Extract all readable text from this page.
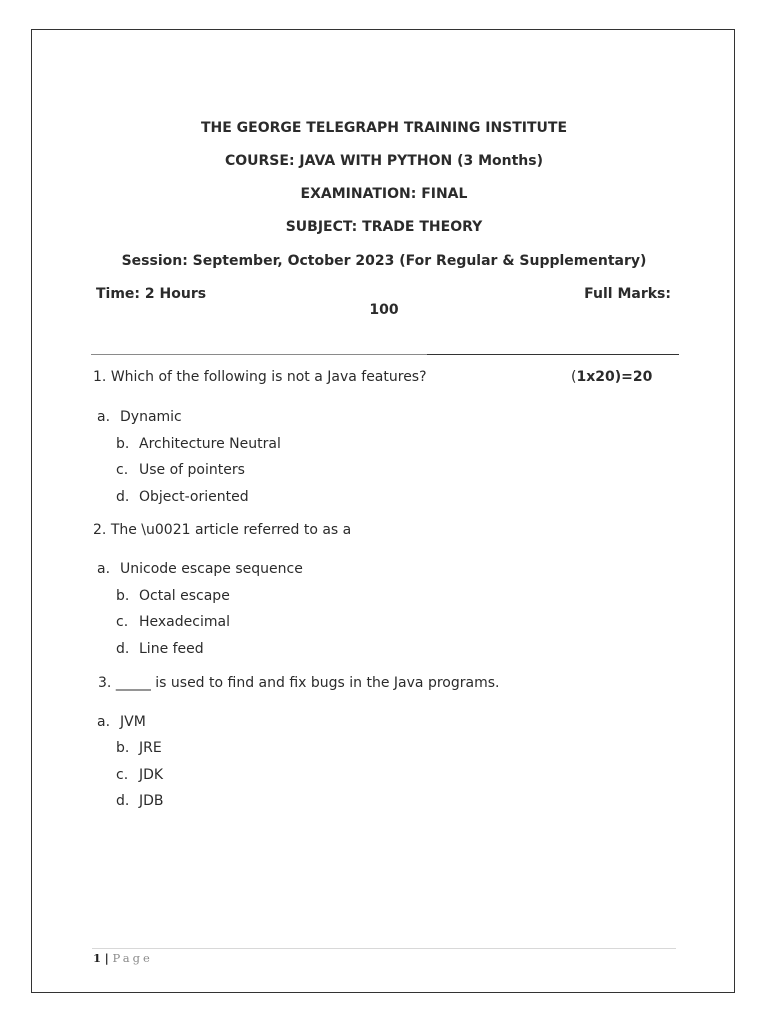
THE GEORGE TELEGRAPH TRAINING INSTITUTE
COURSE: JAVA WITH PYTHON (3 Months)
EXAMINATION: FINAL
SUBJECT: TRADE THEORY
Session: September, October 2023 (For Regular & Supplementary)
Time: 2 Hours	Full Marks:
100
1. Which of the following is not a Java features?	(1x20)=20
a. Dynamic
b. Architecture Neutral
c. Use of pointers
d. Object-oriented
2. The \u0021 article referred to as a
a. Unicode escape sequence
b. Octal escape
c. Hexadecimal
d. Line feed
3. _____ is used to find and fix bugs in the Java programs.
a. JVM
b. JRE
c. JDK
d. JDB
1 | Page
